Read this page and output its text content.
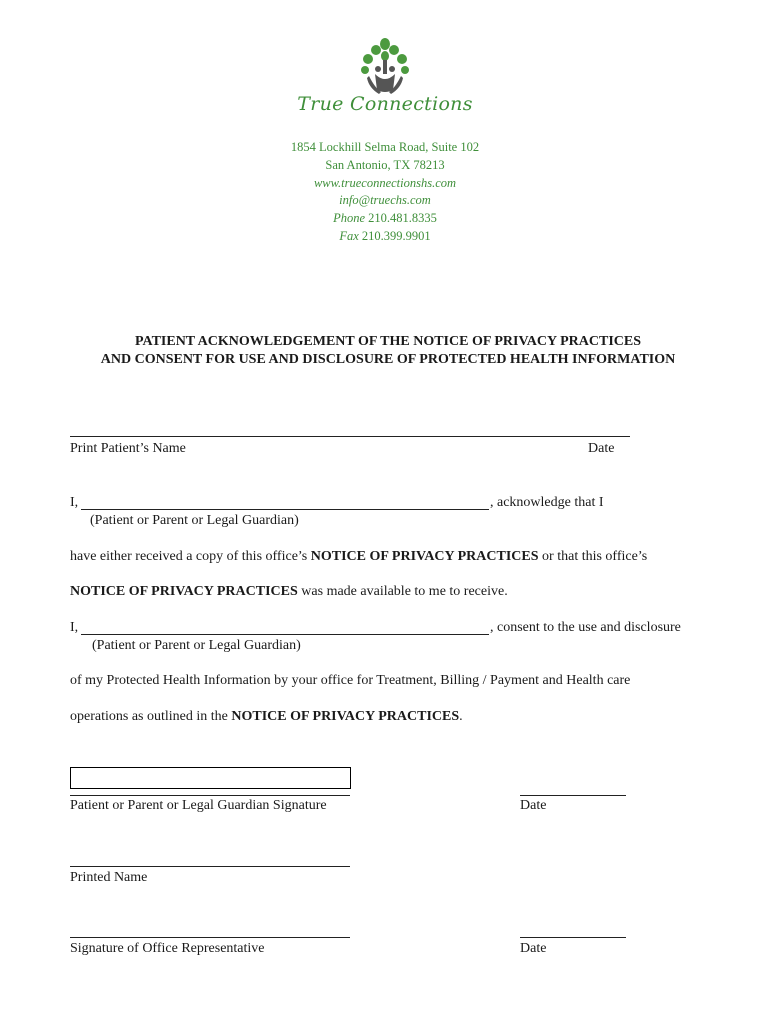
True Connections
1854 Lockhill Selma Road, Suite 102
San Antonio, TX 78213
www.trueconnectionshs.com
info@truechs.com
Phone 210.481.8335
Fax 210.399.9901
PATIENT ACKNOWLEDGEMENT OF THE NOTICE OF PRIVACY PRACTICES
AND CONSENT FOR USE AND DISCLOSURE OF PROTECTED HEALTH INFORMATION
Print Patient’s Name	Date
I,	, acknowledge that I
(Patient or Parent or Legal Guardian)
have either received a copy of this office’s NOTICE OF PRIVACY PRACTICES or that this office’s
NOTICE OF PRIVACY PRACTICES was made available to me to receive.
I,	, consent to the use and disclosure
(Patient or Parent or Legal Guardian)
of my Protected Health Information by your office for Treatment, Billing / Payment and Health care
operations as outlined in the NOTICE OF PRIVACY PRACTICES.
Patient or Parent or Legal Guardian Signature	Date
Printed Name
Signature of Office Representative	Date
